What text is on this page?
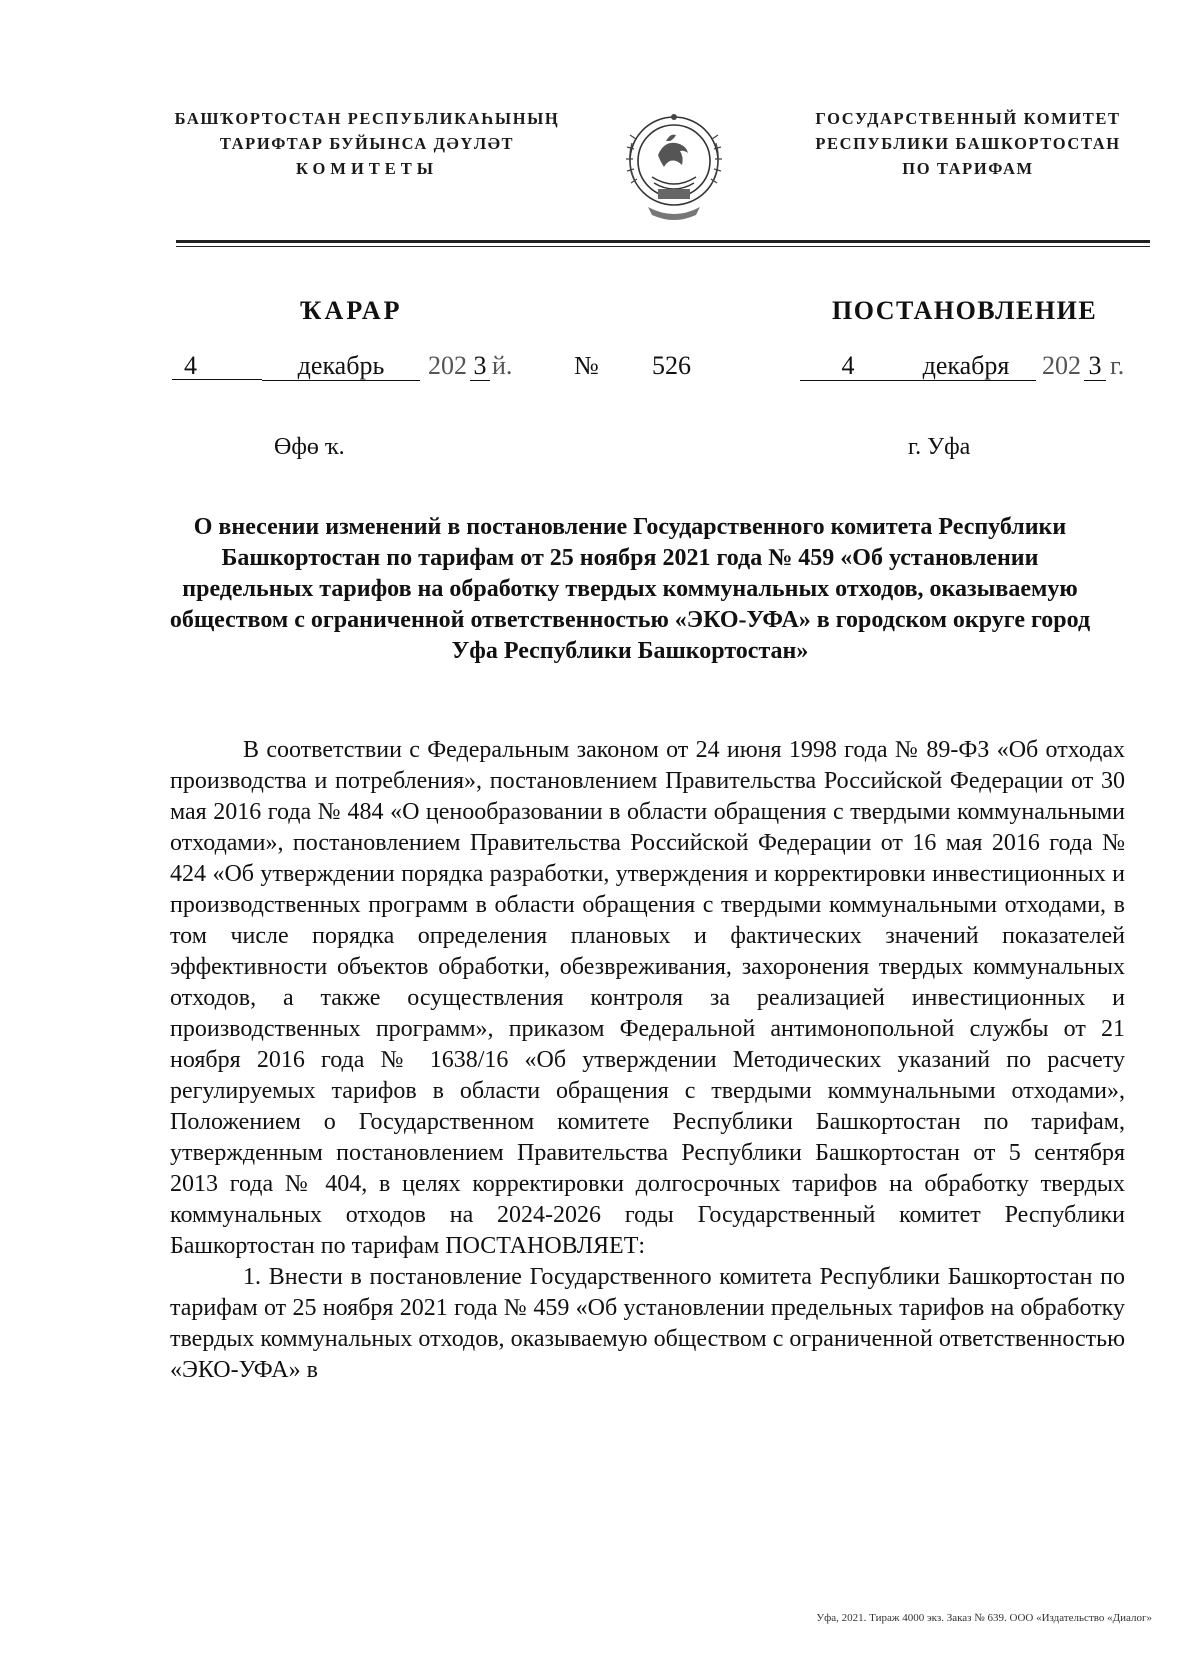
БАШҠОРТОСТАН РЕСПУБЛИКАҺЫНЫҢ
ТАРИФТАР БУЙЫНСА ДӘҮЛӘТ
КОМИТЕТЫ
ГОСУДАРСТВЕННЫЙ КОМИТЕТ
РЕСПУБЛИКИ БАШКОРТОСТАН
ПО ТАРИФАМ
ҠАРАР	ПОСТАНОВЛЕНИЕ
4	декабрь	202 3 й. № 526	4	декабря	202 3 г.
Өфө ҡ.	г. Уфа
О внесении изменений в постановление Государственного комитета Республики Башкортостан по тарифам от 25 ноября 2021 года № 459 «Об установлении предельных тарифов на обработку твердых коммунальных отходов, оказываемую обществом с ограниченной ответственностью «ЭКО-УФА» в городском округе город Уфа Республики Башкортостан»

В соответствии с Федеральным законом от 24 июня 1998 года № 89-ФЗ «Об отходах производства и потребления», постановлением Правительства Российской Федерации от 30 мая 2016 года № 484 «О ценообразовании в области обращения с твердыми коммунальными отходами», постановлением Правительства Российской Федерации от 16 мая 2016 года № 424 «Об утверждении порядка разработки, утверждения и корректировки инвестиционных и производственных программ в области обращения с твердыми коммунальными отходами, в том числе порядка определения плановых и фактических значений показателей эффективности объектов обработки, обезвреживания, захоронения твердых коммунальных отходов, а также осуществления контроля за реализацией инвестиционных и производственных программ», приказом Федеральной антимонопольной службы от 21 ноября 2016 года № 1638/16 «Об утверждении Методических указаний по расчету регулируемых тарифов в области обращения с твердыми коммунальными отходами», Положением о Государственном комитете Республики Башкортостан по тарифам, утвержденным постановлением Правительства Республики Башкортостан от 5 сентября 2013 года № 404, в целях корректировки долгосрочных тарифов на обработку твердых коммунальных отходов на 2024-2026 годы Государственный комитет Республики Башкортостан по тарифам ПОСТАНОВЛЯЕТ:

1. Внести в постановление Государственного комитета Республики Башкортостан по тарифам от 25 ноября 2021 года № 459 «Об установлении предельных тарифов на обработку твердых коммунальных отходов, оказываемую обществом с ограниченной ответственностью «ЭКО-УФА» в

Уфа, 2021. Тираж 4000 экз. Заказ № 639. ООО «Издательство «Диалог»
